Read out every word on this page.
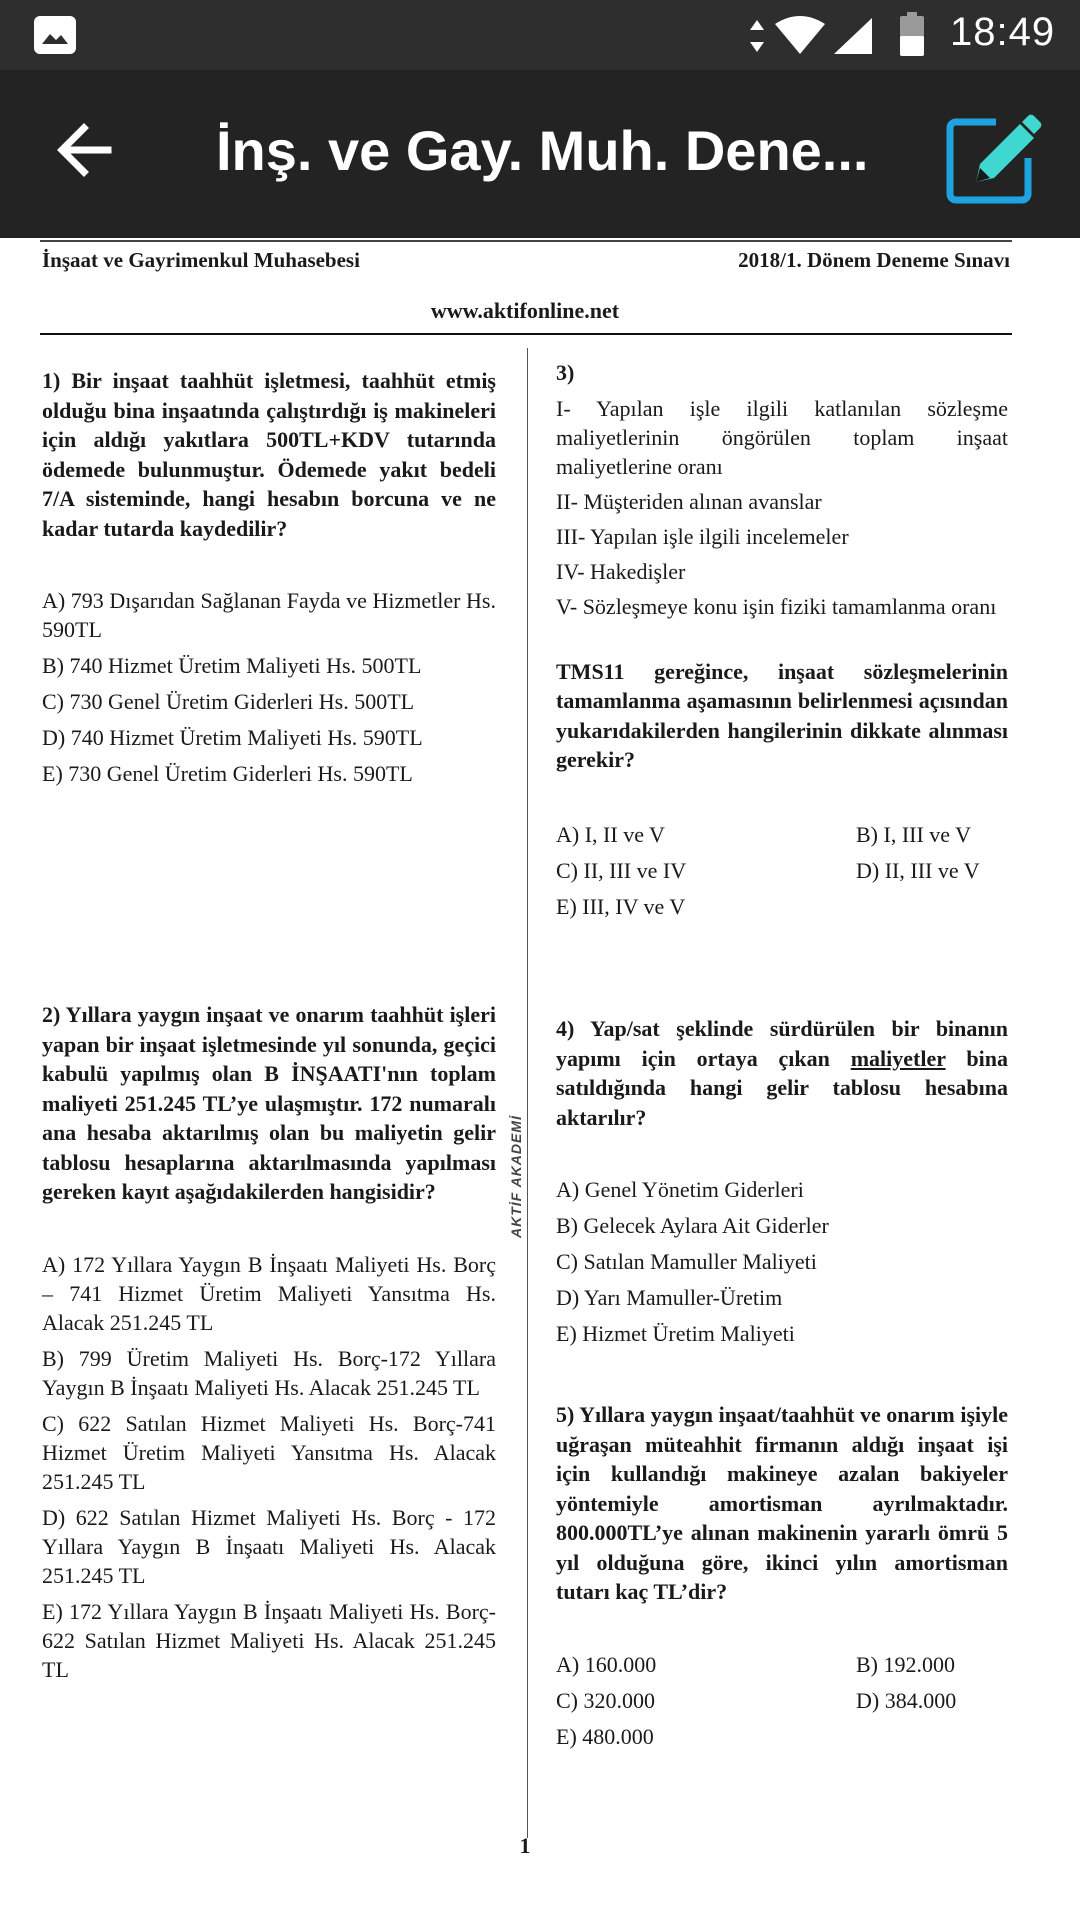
18:49
İnş. ve Gay. Muh. Dene...
İnşaat ve Gayrimenkul Muhasebesi	2018/1. Dönem Deneme Sınavı
www.aktifonline.net
AKTİF AKADEMİ
1) Bir inşaat taahhüt işletmesi, taahhüt etmiş olduğu bina inşaatında çalıştırdığı iş makineleri için aldığı yakıtlara 500TL+KDV tutarında ödemede bulunmuştur. Ödemede yakıt bedeli 7/A sisteminde, hangi hesabın borcuna ve ne kadar tutarda kaydedilir?
A) 793 Dışarıdan Sağlanan Fayda ve Hizmetler Hs. 590TL
B) 740 Hizmet Üretim Maliyeti Hs. 500TL
C) 730 Genel Üretim Giderleri Hs. 500TL
D) 740 Hizmet Üretim Maliyeti Hs. 590TL
E) 730 Genel Üretim Giderleri Hs. 590TL
3)
I- Yapılan işle ilgili katlanılan sözleşme maliyetlerinin öngörülen toplam inşaat maliyetlerine oranı
II- Müşteriden alınan avanslar
III- Yapılan işle ilgili incelemeler
IV- Hakedişler
V- Sözleşmeye konu işin fiziki tamamlanma oranı
TMS11 gereğince, inşaat sözleşmelerinin tamamlanma aşamasının belirlenmesi açısından yukarıdakilerden hangilerinin dikkate alınması gerekir?
A) I, II ve V	B) I, III ve V
C) II, III ve IV	D) II, III ve V
E) III, IV ve V
2) Yıllara yaygın inşaat ve onarım taahhüt işleri yapan bir inşaat işletmesinde yıl sonunda, geçici kabulü yapılmış olan B İNŞAATI'nın toplam maliyeti 251.245 TL’ye ulaşmıştır. 172 numaralı ana hesaba aktarılmış olan bu maliyetin gelir tablosu hesaplarına aktarılmasında yapılması gereken kayıt aşağıdakilerden hangisidir?
A) 172 Yıllara Yaygın B İnşaatı Maliyeti Hs. Borç – 741 Hizmet Üretim Maliyeti Yansıtma Hs. Alacak 251.245 TL
B) 799 Üretim Maliyeti Hs. Borç-172 Yıllara Yaygın B İnşaatı Maliyeti Hs. Alacak 251.245 TL
C) 622 Satılan Hizmet Maliyeti Hs. Borç-741 Hizmet Üretim Maliyeti Yansıtma Hs. Alacak 251.245 TL
D) 622 Satılan Hizmet Maliyeti Hs. Borç - 172 Yıllara Yaygın B İnşaatı Maliyeti Hs. Alacak 251.245 TL
E) 172 Yıllara Yaygın B İnşaatı Maliyeti Hs. Borç- 622 Satılan Hizmet Maliyeti Hs. Alacak 251.245 TL
4) Yap/sat şeklinde sürdürülen bir binanın yapımı için ortaya çıkan maliyetler bina satıldığında hangi gelir tablosu hesabına aktarılır?
A) Genel Yönetim Giderleri
B) Gelecek Aylara Ait Giderler
C) Satılan Mamuller Maliyeti
D) Yarı Mamuller-Üretim
E) Hizmet Üretim Maliyeti
5) Yıllara yaygın inşaat/taahhüt ve onarım işiyle uğraşan müteahhit firmanın aldığı inşaat işi için kullandığı makineye azalan bakiyeler yöntemiyle amortisman ayrılmaktadır. 800.000TL’ye alınan makinenin yararlı ömrü 5 yıl olduğuna göre, ikinci yılın amortisman tutarı kaç TL’dir?
A) 160.000	B) 192.000
C) 320.000	D) 384.000
E) 480.000
1
